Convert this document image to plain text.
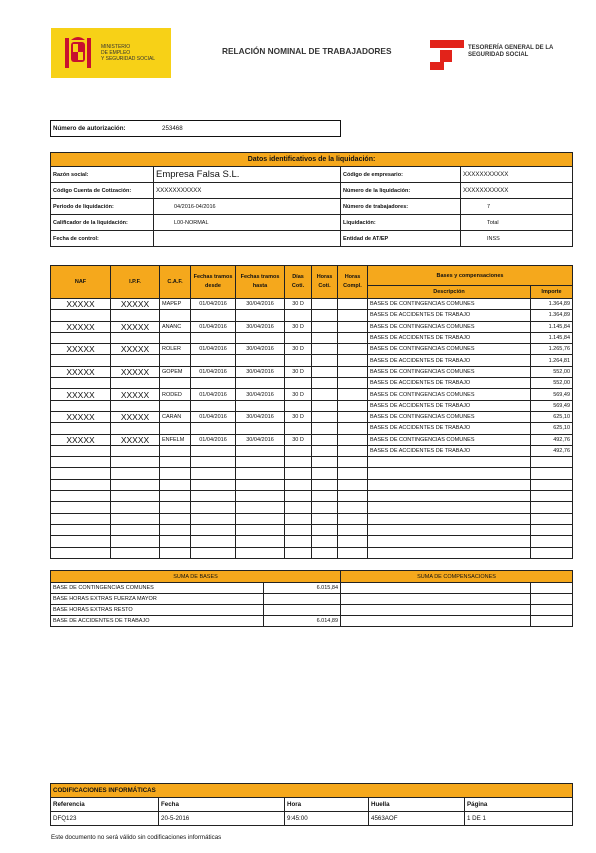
MINISTERIO
DE EMPLEO
Y SEGURIDAD SOCIAL
RELACIÓN NOMINAL DE TRABAJADORES	TESORERÍA GENERAL DE LA
SEGURIDAD SOCIAL
Número de autorización:	253468
Datos identificativos de la liquidación:			
Razón social:	Empresa Falsa S.L.	Código de empresario:	XXXXXXXXXXX
Código Cuenta de Cotización:	XXXXXXXXXXX	Número de la liquidación:	XXXXXXXXXXX
Periodo de liquidación:	04/2016-04/2016	Número de trabajadores:	7
Calificador de la liquidación:	L00-NORMAL	Liquidación:	Total
Fecha de control:		Entidad de AT/EP	INSS
NAF	I.P.F.	C.A.F.	Fechas tramos desde	Fechas tramos hasta	Días Coti.	Horas Coti.	Horas Compl.	Bases y compensaciones	
								Descripción	Importe
XXXXX	XXXXX	MAPEP	01/04/2016	30/04/2016	30 D			BASES DE CONTINGENCIAS COMUNES	1.364,89
								BASES DE ACCIDENTES DE TRABAJO	1.364,89
XXXXX	XXXXX	ANANC	01/04/2016	30/04/2016	30 D			BASES DE CONTINGENCIAS COMUNES	1.145,84
								BASES DE ACCIDENTES DE TRABAJO	1.145,84
XXXXX	XXXXX	ROLER	01/04/2016	30/04/2016	30 D			BASES DE CONTINGENCIAS COMUNES	1.265,76
								BASES DE ACCIDENTES DE TRABAJO	1.264,81
XXXXX	XXXXX	GOPEM	01/04/2016	30/04/2016	30 D			BASES DE CONTINGENCIAS COMUNES	552,00
								BASES DE ACCIDENTES DE TRABAJO	552,00
XXXXX	XXXXX	RODED	01/04/2016	30/04/2016	30 D			BASES DE CONTINGENCIAS COMUNES	569,49
								BASES DE ACCIDENTES DE TRABAJO	569,49
XXXXX	XXXXX	CARAN	01/04/2016	30/04/2016	30 D			BASES DE CONTINGENCIAS COMUNES	625,10
								BASES DE ACCIDENTES DE TRABAJO	625,10
XXXXX	XXXXX	ENFELM	01/04/2016	30/04/2016	30 D			BASES DE CONTINGENCIAS COMUNES	492,76
								BASES DE ACCIDENTES DE TRABAJO	492,76

SUMA DE BASES		SUMA DE COMPENSACIONES	
BASE DE CONTINGENCIAS COMUNES	6.015,84		
BASE HORAS EXTRAS FUERZA MAYOR			
BASE HORAS EXTRAS RESTO			
BASE DE ACCIDENTES DE TRABAJO	6.014,89		
CODIFICACIONES INFORMÁTICAS				
Referencia	Fecha	Hora	Huella	Página
DFQ123	20-5-2016	9:45:00	4563AOF	1 DE 1
Este documento no será válido sin codificaciones informáticas
